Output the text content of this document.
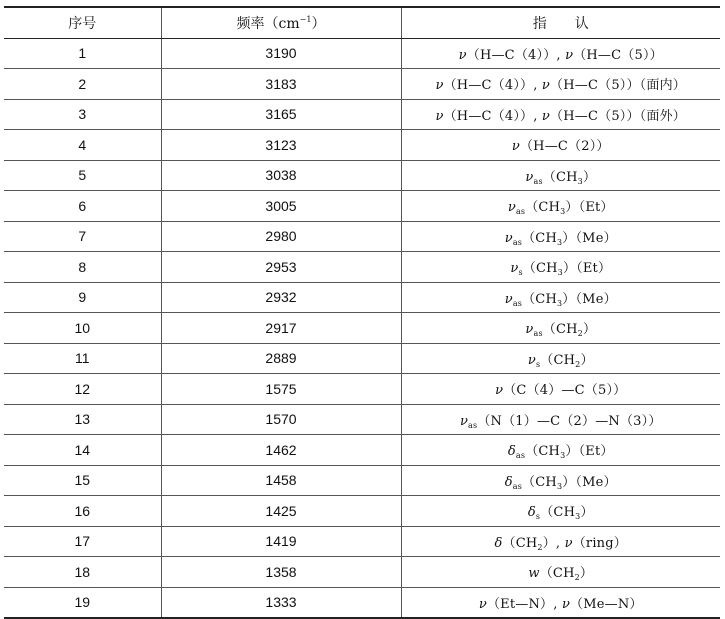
序号	频率$(cm^{-1})$	指　　认
1	3190	ν（H—C（4））, ν（H—C（5））
2	3183	ν（H—C（4））, ν（H—C（5））（面内）
3	3165	ν（H—C（4））, ν（H—C（5））（面外）
4	3123	ν（H—C（2））
5	3038	$\nu_{as}(CH_3)$
6	3005	$\nu_{as}(CH_3)(Et)$
7	2980	$\nu_{as}(CH_3)(Me)$
8	2953	$\nu_s(CH_3)(Et)$
9	2932	$\nu_{as}(CH_3)(Me)$
10	2917	$\nu_{as}(CH_2)$
11	2889	$\nu_s(CH_2)$
12	1575	ν（C（4）—C（5））
13	1570	$\nu_{as}(N(1)—C(2)—N(3))$
14	1462	$\delta_{as}(CH_3)(Et)$
15	1458	$\delta_{as}(CH_3)(Me)$
16	1425	$\delta_s(CH_3)$
17	1419	$\delta(CH_2)$, ν（ring）
18	1358	$w(CH_2)$
19	1333	ν（Et—N）, ν（Me—N）
